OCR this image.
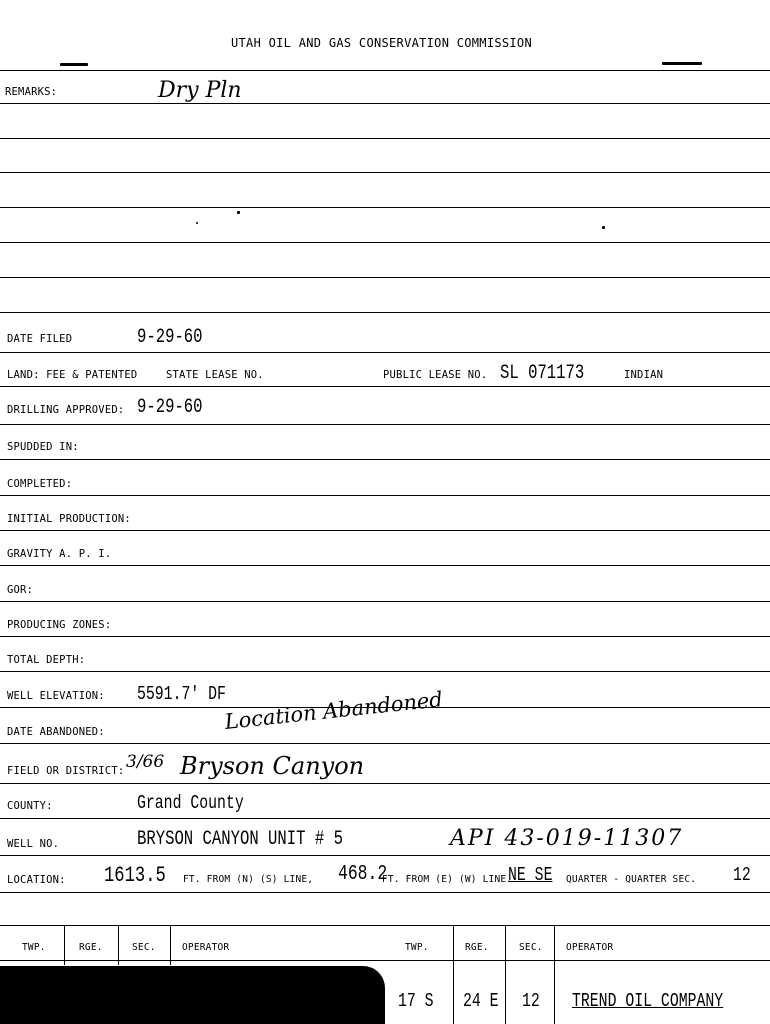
UTAH OIL AND GAS CONSERVATION COMMISSION
REMARKS:	Dry Pln
DATE FILED	9-29-60
LAND: FEE & PATENTED	STATE LEASE NO.	PUBLIC LEASE NO. SL 071173	INDIAN
DRILLING APPROVED: 9-29-60
SPUDDED IN:
COMPLETED:
INITIAL PRODUCTION:
GRAVITY A. P. I.
GOR:
PRODUCING ZONES:
TOTAL DEPTH:
WELL ELEVATION: 5591.7' DF
DATE ABANDONED:	Location Abandoned
FIELD OR DISTRICT: 3/66 Bryson Canyon
COUNTY:	Grand County
WELL NO.	BRYSON CANYON UNIT # 5	API 43-019-11307
LOCATION: 1613.5 FT. FROM (N) (S) LINE, 468.2
FT. FROM (E) (W) LINE.
NE SE QUARTER - QUARTER SEC. 12
TWP.	RGE.	SEC.	OPERATOR	TWP.	RGE.	SEC. OPERATOR
17 S 24 E 12 TREND OIL COMPANY
